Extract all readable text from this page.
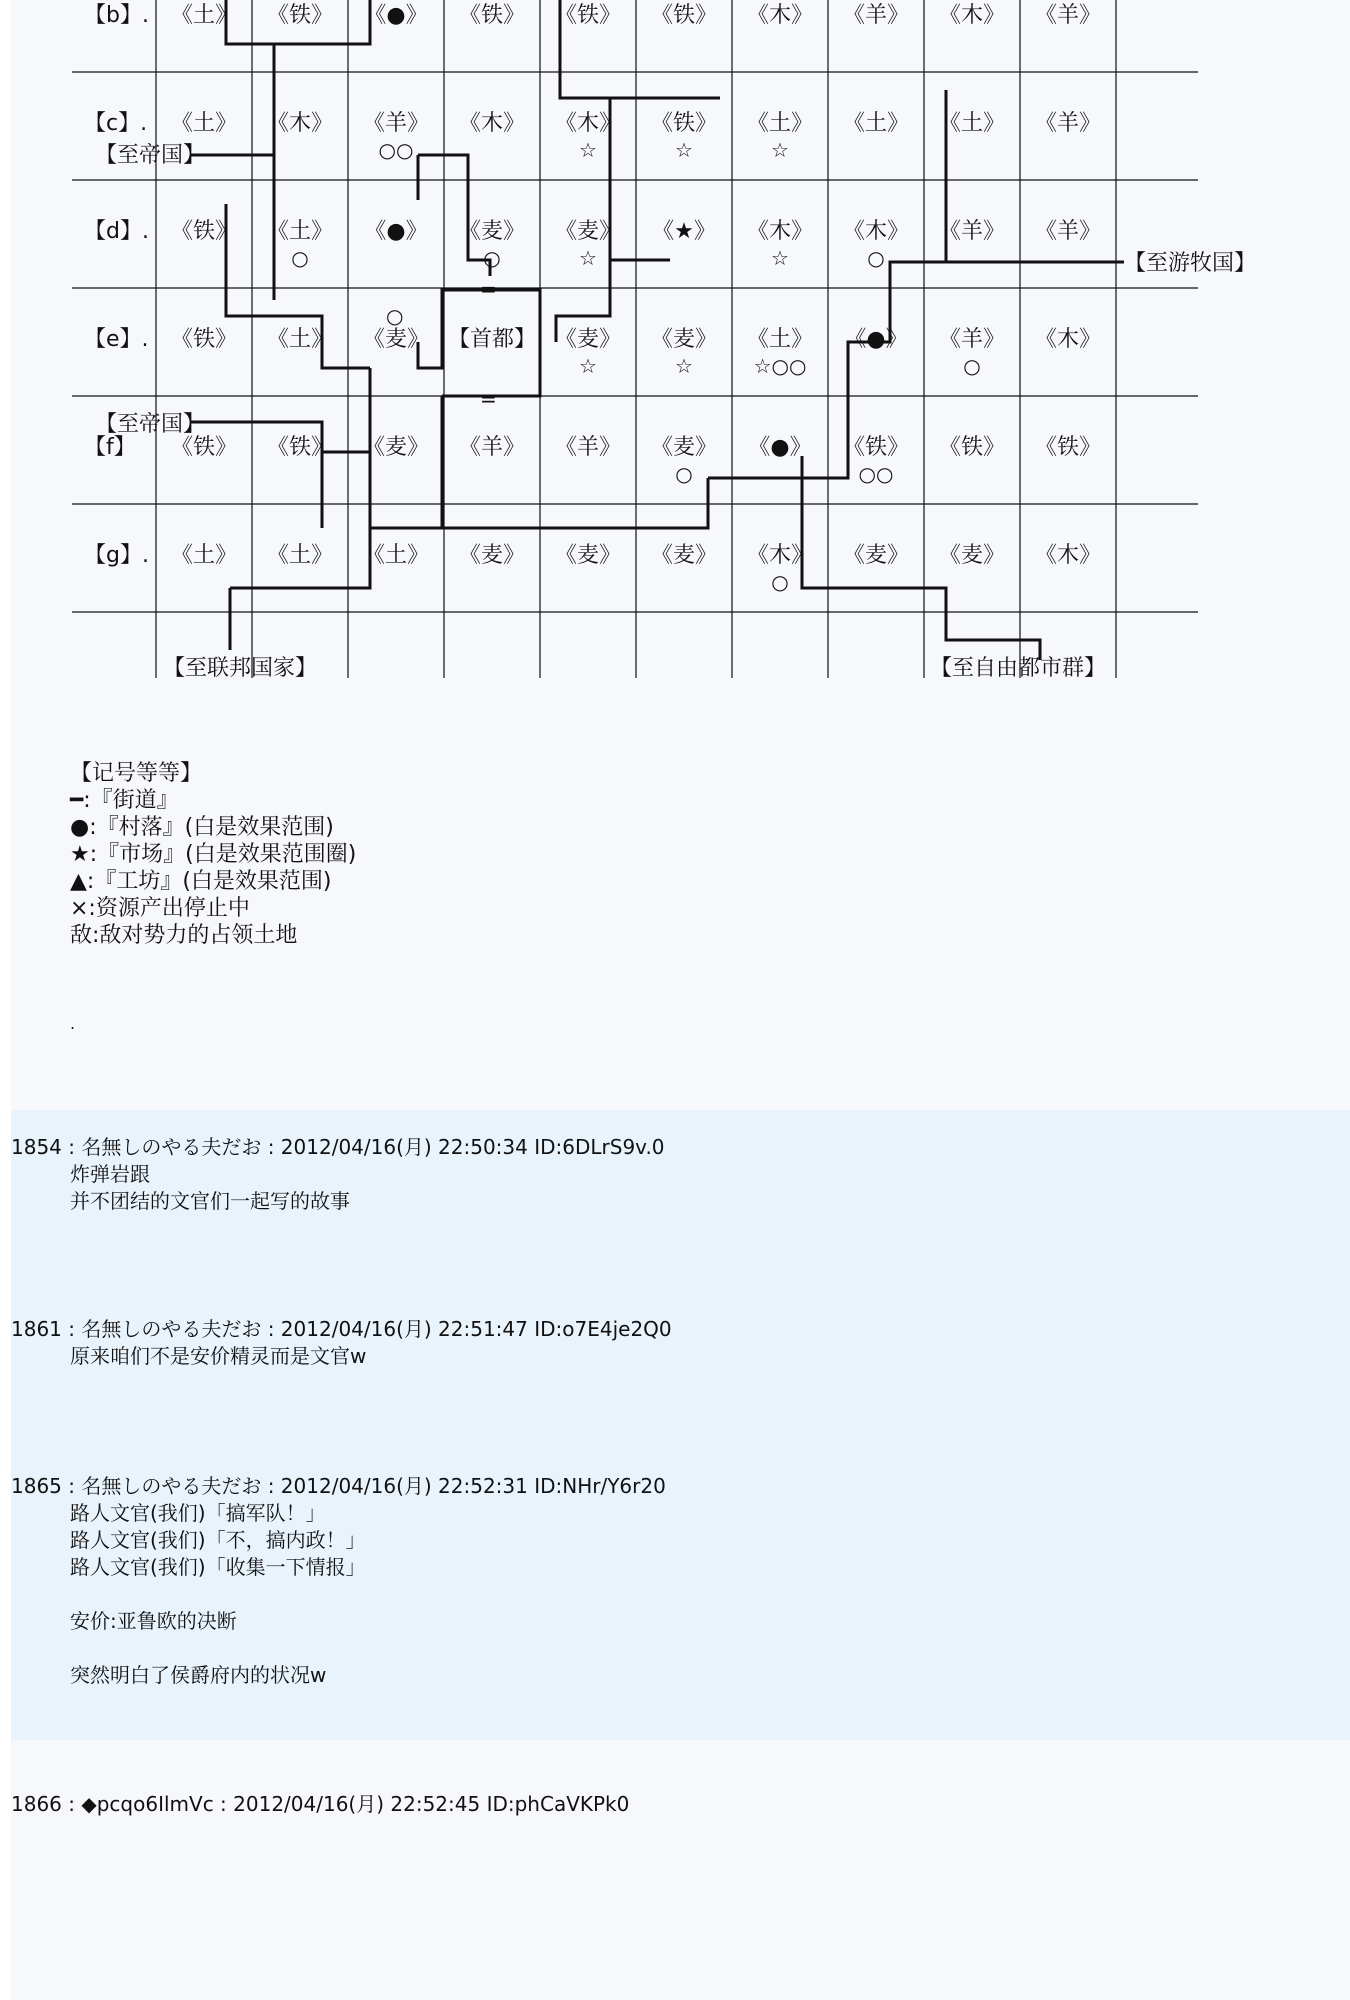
【b】. 《土》 《铁》 《●》 《铁》 《铁》 《铁》 《木》 《羊》 《木》 《羊》
【c】. 《土》 《木》 《羊》
○○
《木》 《木》
☆
《铁》
☆
《土》
☆
《土》 《土》 《羊》
【d】. 《铁》 《土》
○
《●》 《麦》
○
《麦》
☆
《★》 《木》
☆
《木》
○
《羊》 《羊》
【e】. 《铁》 《土》 《麦》 【首都】 《麦》
☆
《麦》
☆
《土》
☆○○
《●》 《羊》
○
《木》
【f】 《铁》 《铁》 《麦》 《羊》 《羊》 《麦》
○
《●》 《铁》
○○
《铁》 《铁》
【g】. 《土》 《土》 《土》 《麦》 《麦》 《麦》 《木》
○
《麦》 《麦》 《木》
【至帝国】
【至帝国】
【至游牧国】
【至联邦国家】	【至自由都市群】
○
=
=
【记号等等】
━:『街道』
●:『村落』(白是效果范围)
★:『市场』(白是效果范围圈)
▲:『工坊』(白是效果范围)
×:资源产出停止中
敌:敌对势力的占领土地
.
1854 : 名無しのやる夫だお : 2012/04/16(月) 22:50:34 ID:6DLrS9v.0
炸弹岩跟
并不团结的文官们一起写的故事
1861 : 名無しのやる夫だお : 2012/04/16(月) 22:51:47 ID:o7E4je2Q0
原来咱们不是安价精灵而是文官w
1865 : 名無しのやる夫だお : 2012/04/16(月) 22:52:31 ID:NHr/Y6r20
路人文官(我们)「搞军队！」
路人文官(我们)「不，搞内政！」
路人文官(我们)「收集一下情报」
安价:亚鲁欧的决断
突然明白了侯爵府内的状况w
1866 : ◆pcqo6IlmVc : 2012/04/16(月) 22:52:45 ID:phCaVKPk0
